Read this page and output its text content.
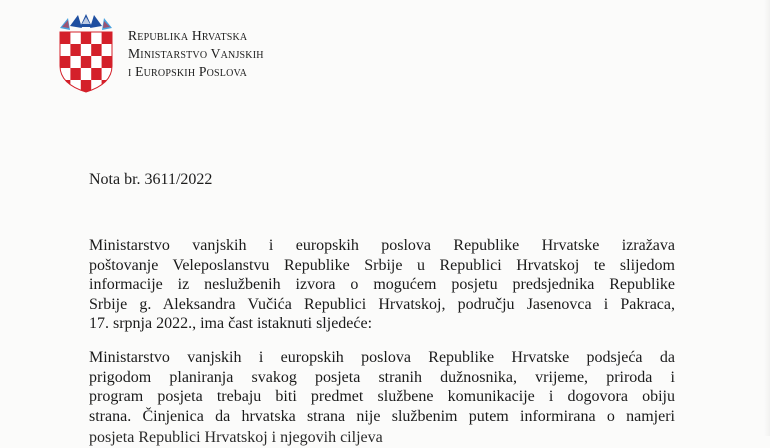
Republika Hrvatska
Ministarstvo Vanjskih
i Europskih Poslova
Nota br. 3611/2022
Ministarstvo vanjskih i europskih poslova Republike Hrvatske izražava
poštovanje Veleposlanstvu Republike Srbije u Republici Hrvatskoj te slijedom
informacije iz neslužbenih izvora o mogućem posjetu predsjednika Republike
Srbije g. Aleksandra Vučića Republici Hrvatskoj, području Jasenovca i Pakraca,
17. srpnja 2022., ima čast istaknuti sljedeće:
Ministarstvo vanjskih i europskih poslova Republike Hrvatske podsjeća da
prigodom planiranja svakog posjeta stranih dužnosnika, vrijeme, priroda i
program posjeta trebaju biti predmet službene komunikacije i dogovora obiju
strana. Činjenica da hrvatska strana nije službenim putem informirana o namjeri
posjeta Republici Hrvatskoj i njegovih ciljeva
